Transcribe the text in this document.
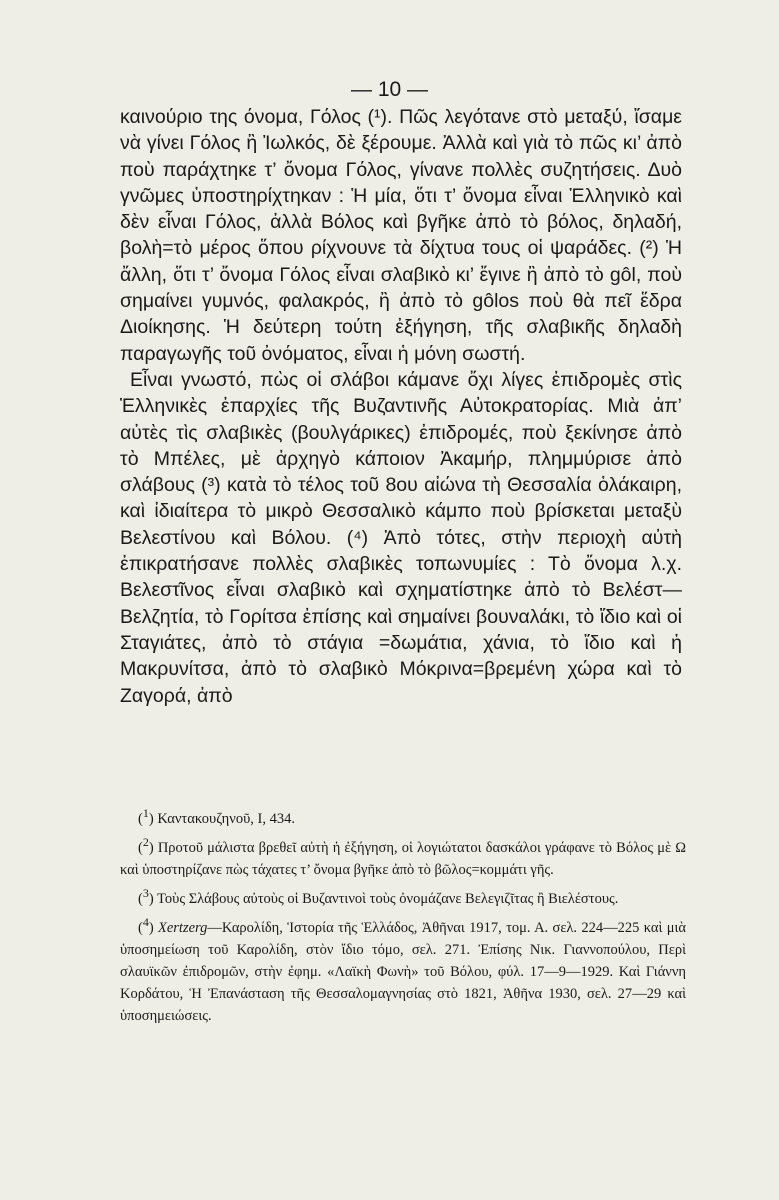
— 10 —

καινούριο της όνομα, Γόλος (¹). Πῶς λεγότανε στὸ μεταξύ, ἴσαμε νὰ γίνει Γόλος ἢ Ἰωλκός, δὲ ξέρουμε. Ἀλλὰ καὶ γιὰ τὸ πῶς κι’ ἀπὸ ποὺ παράχτηκε τ’ ὄνομα Γόλος, γίνανε πολλὲς συζητήσεις. Δυὸ γνῶμες ὑποστηρίχτηκαν : Ἡ μία, ὅτι τ’ ὄνομα εἶναι Ἑλληνικὸ καὶ δὲν εἶναι Γόλος, ἀλλὰ Βόλος καὶ βγῆκε ἀπὸ τὸ βόλος, δηλαδή, βολὴ=τὸ μέρος ὅπου ρίχνουνε τὰ δίχτυα τους οἱ ψαράδες. (²) Ἡ ἄλλη, ὅτι τ’ ὄνομα Γόλος εἶναι σλαβικὸ κι’ ἔγινε ἢ ἀπὸ τὸ gôl, ποὺ σημαίνει γυμνός, φαλακρός, ἢ ἀπὸ τὸ gôlos ποὺ θὰ πεῖ ἕδρα Διοίκησης. Ἡ δεύτερη τούτη ἐξήγηση, τῆς σλαβικῆς δηλαδὴ παραγωγῆς τοῦ ὀνόματος, εἶναι ἡ μόνη σωστή.

Εἶναι γνωστό, πὼς οἱ σλάβοι κάμανε ὄχι λίγες ἐπιδρομὲς στὶς Ἑλληνικὲς ἐπαρχίες τῆς Βυζαντινῆς Αὐτοκρατορίας. Μιὰ ἀπ’ αὐτὲς τὶς σλαβικὲς (βουλγάρικες) ἐπιδρομές, ποὺ ξεκίνησε ἀπὸ τὸ Μπέλες, μὲ ἀρχηγὸ κάποιον Ἀκαμήρ, πλημμύρισε ἀπὸ σλάβους (³) κατὰ τὸ τέλος τοῦ 8ου αἰώνα τὴ Θεσσαλία ὁλάκαιρη, καὶ ἰδιαίτερα τὸ μικρὸ Θεσσαλικὸ κάμπο ποὺ βρίσκεται μεταξὺ Βελεστίνου καὶ Βόλου. (⁴) Ἀπὸ τότες, στὴν περιοχὴ αὐτὴ ἐπικρατήσανε πολλὲς σλαβικὲς τοπωνυμίες : Τὸ ὄνομα λ.χ. Βελεστῖνος εἶναι σλαβικὸ καὶ σχηματίστηκε ἀπὸ τὸ Βελέστ—Βελζητία, τὸ Γορίτσα ἐπίσης καὶ σημαίνει βουναλάκι, τὸ ἴδιο καὶ οἱ Σταγιάτες, ἀπὸ τὸ στάγια =δωμάτια, χάνια, τὸ ἴδιο καὶ ἡ Μακρυνίτσα, ἀπὸ τὸ σλαβικὸ Μόκρινα=βρεμένη χώρα καὶ τὸ Ζαγορά, ἀπὸ

($^1$) Καντακουζηνοῦ, I, 434.

($^2$) Προτοῦ μάλιστα βρεθεῖ αὐτὴ ἡ ἐξήγηση, οἱ λογιώτατοι δασκάλοι γράφανε τὸ Βόλος μὲ Ω καὶ ὑποστηρίζανε πὼς τάχατες τ’ ὄνομα βγῆκε ἀπὸ τὸ βῶλος=κομμάτι γῆς.

($^3$) Τοὺς Σλάβους αὐτοὺς οἱ Βυζαντινοὶ τοὺς ὀνομάζανε Βελεγιζῖτας ἢ Βιελέστους.

($^4$) Xertzerg—Καρολίδη, Ἱστορία τῆς Ἑλλάδος, Ἀθῆναι 1917, τομ. Α. σελ. 224—225 καὶ μιὰ ὑποσημείωση τοῦ Καρολίδη, στὸν ἴδιο τόμο, σελ. 271. Ἐπίσης Νικ. Γιαννοπούλου, Περὶ σλαυϊκῶν ἐπιδρομῶν, στὴν ἐφημ. «Λαϊκὴ Φωνὴ» τοῦ Βόλου, φύλ. 17—9—1929. Καὶ Γιάννη Κορδάτου, Ἡ Ἐπανάσταση τῆς Θεσσαλομαγνησίας στὸ 1821, Ἀθῆνα 1930, σελ. 27—29 καὶ ὑποσημειώσεις.
